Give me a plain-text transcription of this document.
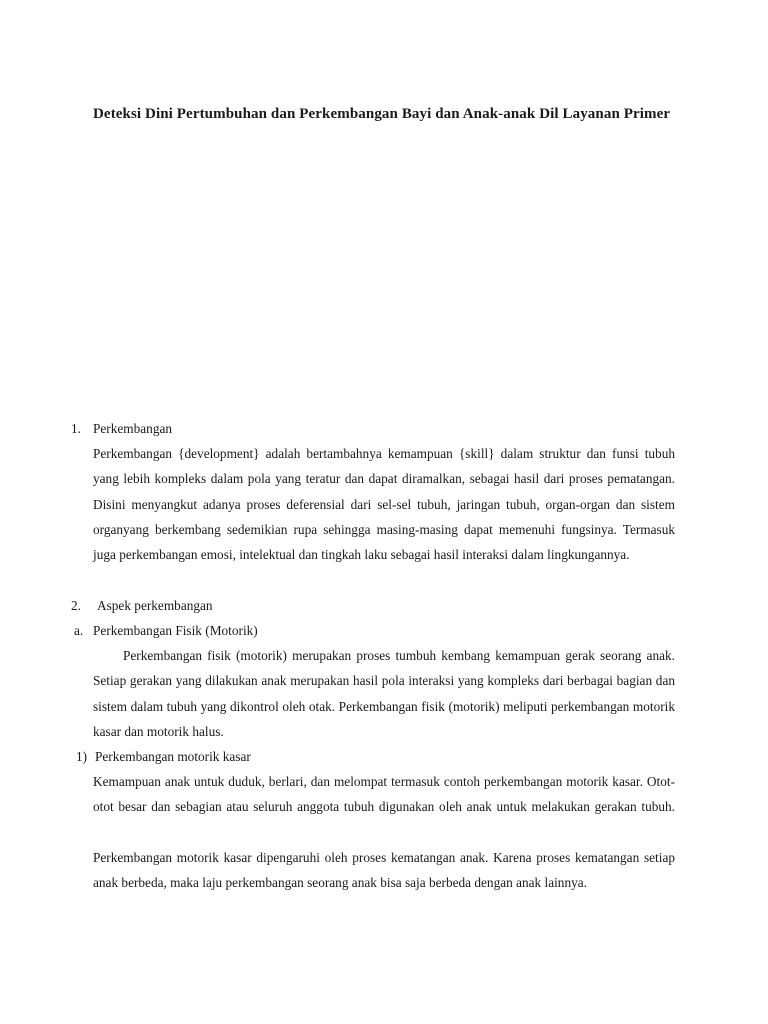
Deteksi Dini Pertumbuhan dan Perkembangan Bayi dan Anak-anak Dil Layanan Primer
1. Perkembangan
Perkembangan {development} adalah bertambahnya kemampuan {skill} dalam struktur dan funsi tubuh yang lebih kompleks dalam pola yang teratur dan dapat diramalkan, sebagai hasil dari proses pematangan. Disini menyangkut adanya proses deferensial dari sel-sel tubuh, jaringan tubuh, organ-organ dan sistem organyang berkembang sedemikian rupa sehingga masing-masing dapat memenuhi fungsinya. Termasuk juga perkembangan emosi, intelektual dan tingkah laku sebagai hasil interaksi dalam lingkungannya.
2. Aspek perkembangan
a. Perkembangan Fisik (Motorik)
Perkembangan fisik (motorik) merupakan proses tumbuh kembang kemampuan gerak seorang anak. Setiap gerakan yang dilakukan anak merupakan hasil pola interaksi yang kompleks dari berbagai bagian dan sistem dalam tubuh yang dikontrol oleh otak. Perkembangan fisik (motorik) meliputi perkembangan motorik kasar dan motorik halus.
1) Perkembangan motorik kasar
Kemampuan anak untuk duduk, berlari, dan melompat termasuk contoh perkembangan motorik kasar. Otot-otot besar dan sebagian atau seluruh anggota tubuh digunakan oleh anak untuk melakukan gerakan tubuh.
Perkembangan motorik kasar dipengaruhi oleh proses kematangan anak. Karena proses kematangan setiap anak berbeda, maka laju perkembangan seorang anak bisa saja berbeda dengan anak lainnya.
